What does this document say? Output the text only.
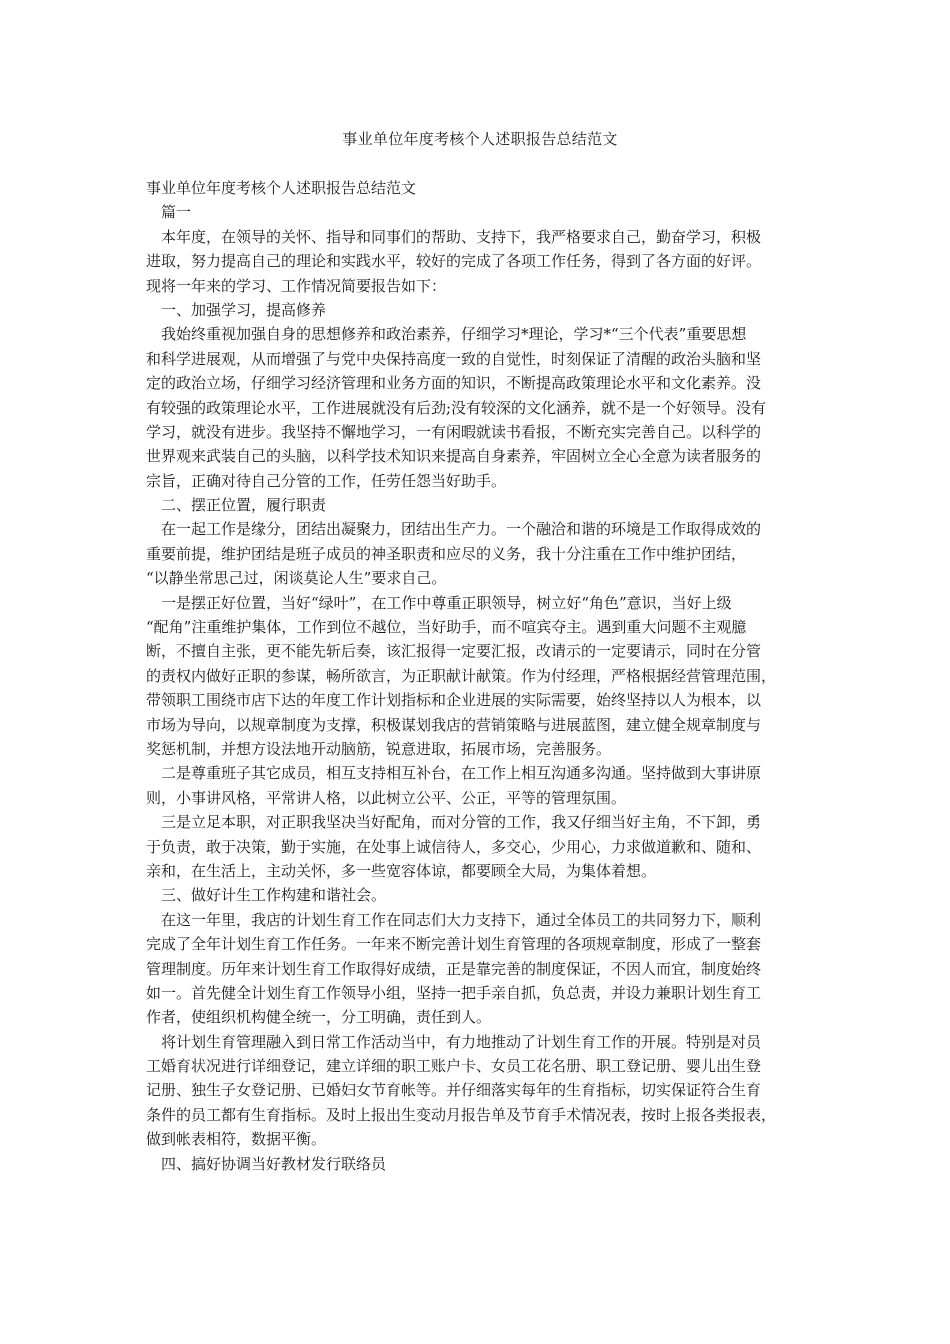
事业单位年度考核个人述职报告总结范文
事业单位年度考核个人述职报告总结范文
篇一
本年度，在领导的关怀、指导和同事们的帮助、支持下，我严格要求自己，勤奋学习，积极
进取，努力提高自己的理论和实践水平，较好的完成了各项工作任务，得到了各方面的好评。
现将一年来的学习、工作情况简要报告如下：
一、加强学习，提高修养
我始终重视加强自身的思想修养和政治素养，仔细学习*理论，学习*“三个代表”重要思想
和科学进展观，从而增强了与党中央保持高度一致的自觉性，时刻保证了清醒的政治头脑和坚
定的政治立场，仔细学习经济管理和业务方面的知识，不断提高政策理论水平和文化素养。没
有较强的政策理论水平，工作进展就没有后劲;没有较深的文化涵养，就不是一个好领导。没有
学习，就没有进步。我坚持不懈地学习，一有闲暇就读书看报，不断充实完善自己。以科学的
世界观来武装自己的头脑，以科学技术知识来提高自身素养，牢固树立全心全意为读者服务的
宗旨，正确对待自己分管的工作，任劳任怨当好助手。
二、摆正位置，履行职责
在一起工作是缘分，团结出凝聚力，团结出生产力。一个融洽和谐的环境是工作取得成效的
重要前提，维护团结是班子成员的神圣职责和应尽的义务，我十分注重在工作中维护团结，
“以静坐常思己过，闲谈莫论人生”要求自己。
一是摆正好位置，当好“绿叶”，在工作中尊重正职领导，树立好“角色”意识，当好上级
“配角”注重维护集体，工作到位不越位，当好助手，而不喧宾夺主。遇到重大问题不主观臆
断，不擅自主张，更不能先斩后奏，该汇报得一定要汇报，改请示的一定要请示，同时在分管
的责权内做好正职的参谋，畅所欲言，为正职献计献策。作为付经理，严格根据经营管理范围，
带领职工围绕市店下达的年度工作计划指标和企业进展的实际需要，始终坚持以人为根本，以
市场为导向，以规章制度为支撑，积极谋划我店的营销策略与进展蓝图，建立健全规章制度与
奖惩机制，并想方设法地开动脑筋，锐意进取，拓展市场，完善服务。
二是尊重班子其它成员，相互支持相互补台，在工作上相互沟通多沟通。坚持做到大事讲原
则，小事讲风格，平常讲人格，以此树立公平、公正，平等的管理氛围。
三是立足本职，对正职我坚决当好配角，而对分管的工作，我又仔细当好主角，不下卸，勇
于负责，敢于决策，勤于实施，在处事上诚信待人，多交心，少用心，力求做道歉和、随和、
亲和，在生活上，主动关怀，多一些宽容体谅，都要顾全大局，为集体着想。
三、做好计生工作构建和谐社会。
在这一年里，我店的计划生育工作在同志们大力支持下，通过全体员工的共同努力下，顺利
完成了全年计划生育工作任务。一年来不断完善计划生育管理的各项规章制度，形成了一整套
管理制度。历年来计划生育工作取得好成绩，正是靠完善的制度保证，不因人而宜，制度始终
如一。首先健全计划生育工作领导小组，坚持一把手亲自抓，负总责，并设力兼职计划生育工
作者，使组织机构健全统一，分工明确，责任到人。
将计划生育管理融入到日常工作活动当中，有力地推动了计划生育工作的开展。特别是对员
工婚育状况进行详细登记，建立详细的职工账户卡、女员工花名册、职工登记册、婴儿出生登
记册、独生子女登记册、已婚妇女节育帐等。并仔细落实每年的生育指标，切实保证符合生育
条件的员工都有生育指标。及时上报出生变动月报告单及节育手术情况表，按时上报各类报表，
做到帐表相符，数据平衡。
四、搞好协调当好教材发行联络员
